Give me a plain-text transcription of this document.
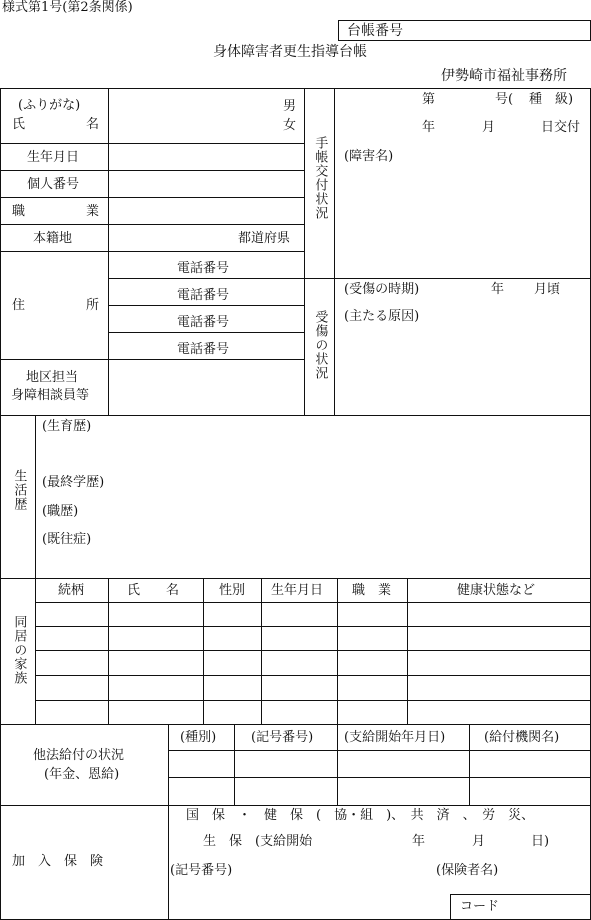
様式第1号(第2条関係)
台帳番号
身体障害者更生指導台帳
伊勢崎市福祉事務所
(ふりがな)
氏	名
男
女
生年月日
個人番号
職	業
本籍地	都道府県
住	所
電話番号
電話番号
電話番号
電話番号
地区担当
身障相談員等
手帳交付状況
第	号( 種　級)
年	月	日交付
(障害名)
受傷の状況
(受傷の時期)	年 月頃
(主たる原因)
生活歴
(生育歴)
(最終学歴)
(職歴)
(既往症)
同居の家族
続柄	氏　　名	性別 生年月日 職　業	健康状態など
他法給付の状況
(年金、恩給)
(種別)	(記号番号) (支給開始年月日)	(給付機関名)
加　入　保　険
国　保　・　健　保　(　協・組　)、　共　済　、　労　災、
生　保　(支給開始	年	月	日)
(記号番号)	(保険者名)
コード
